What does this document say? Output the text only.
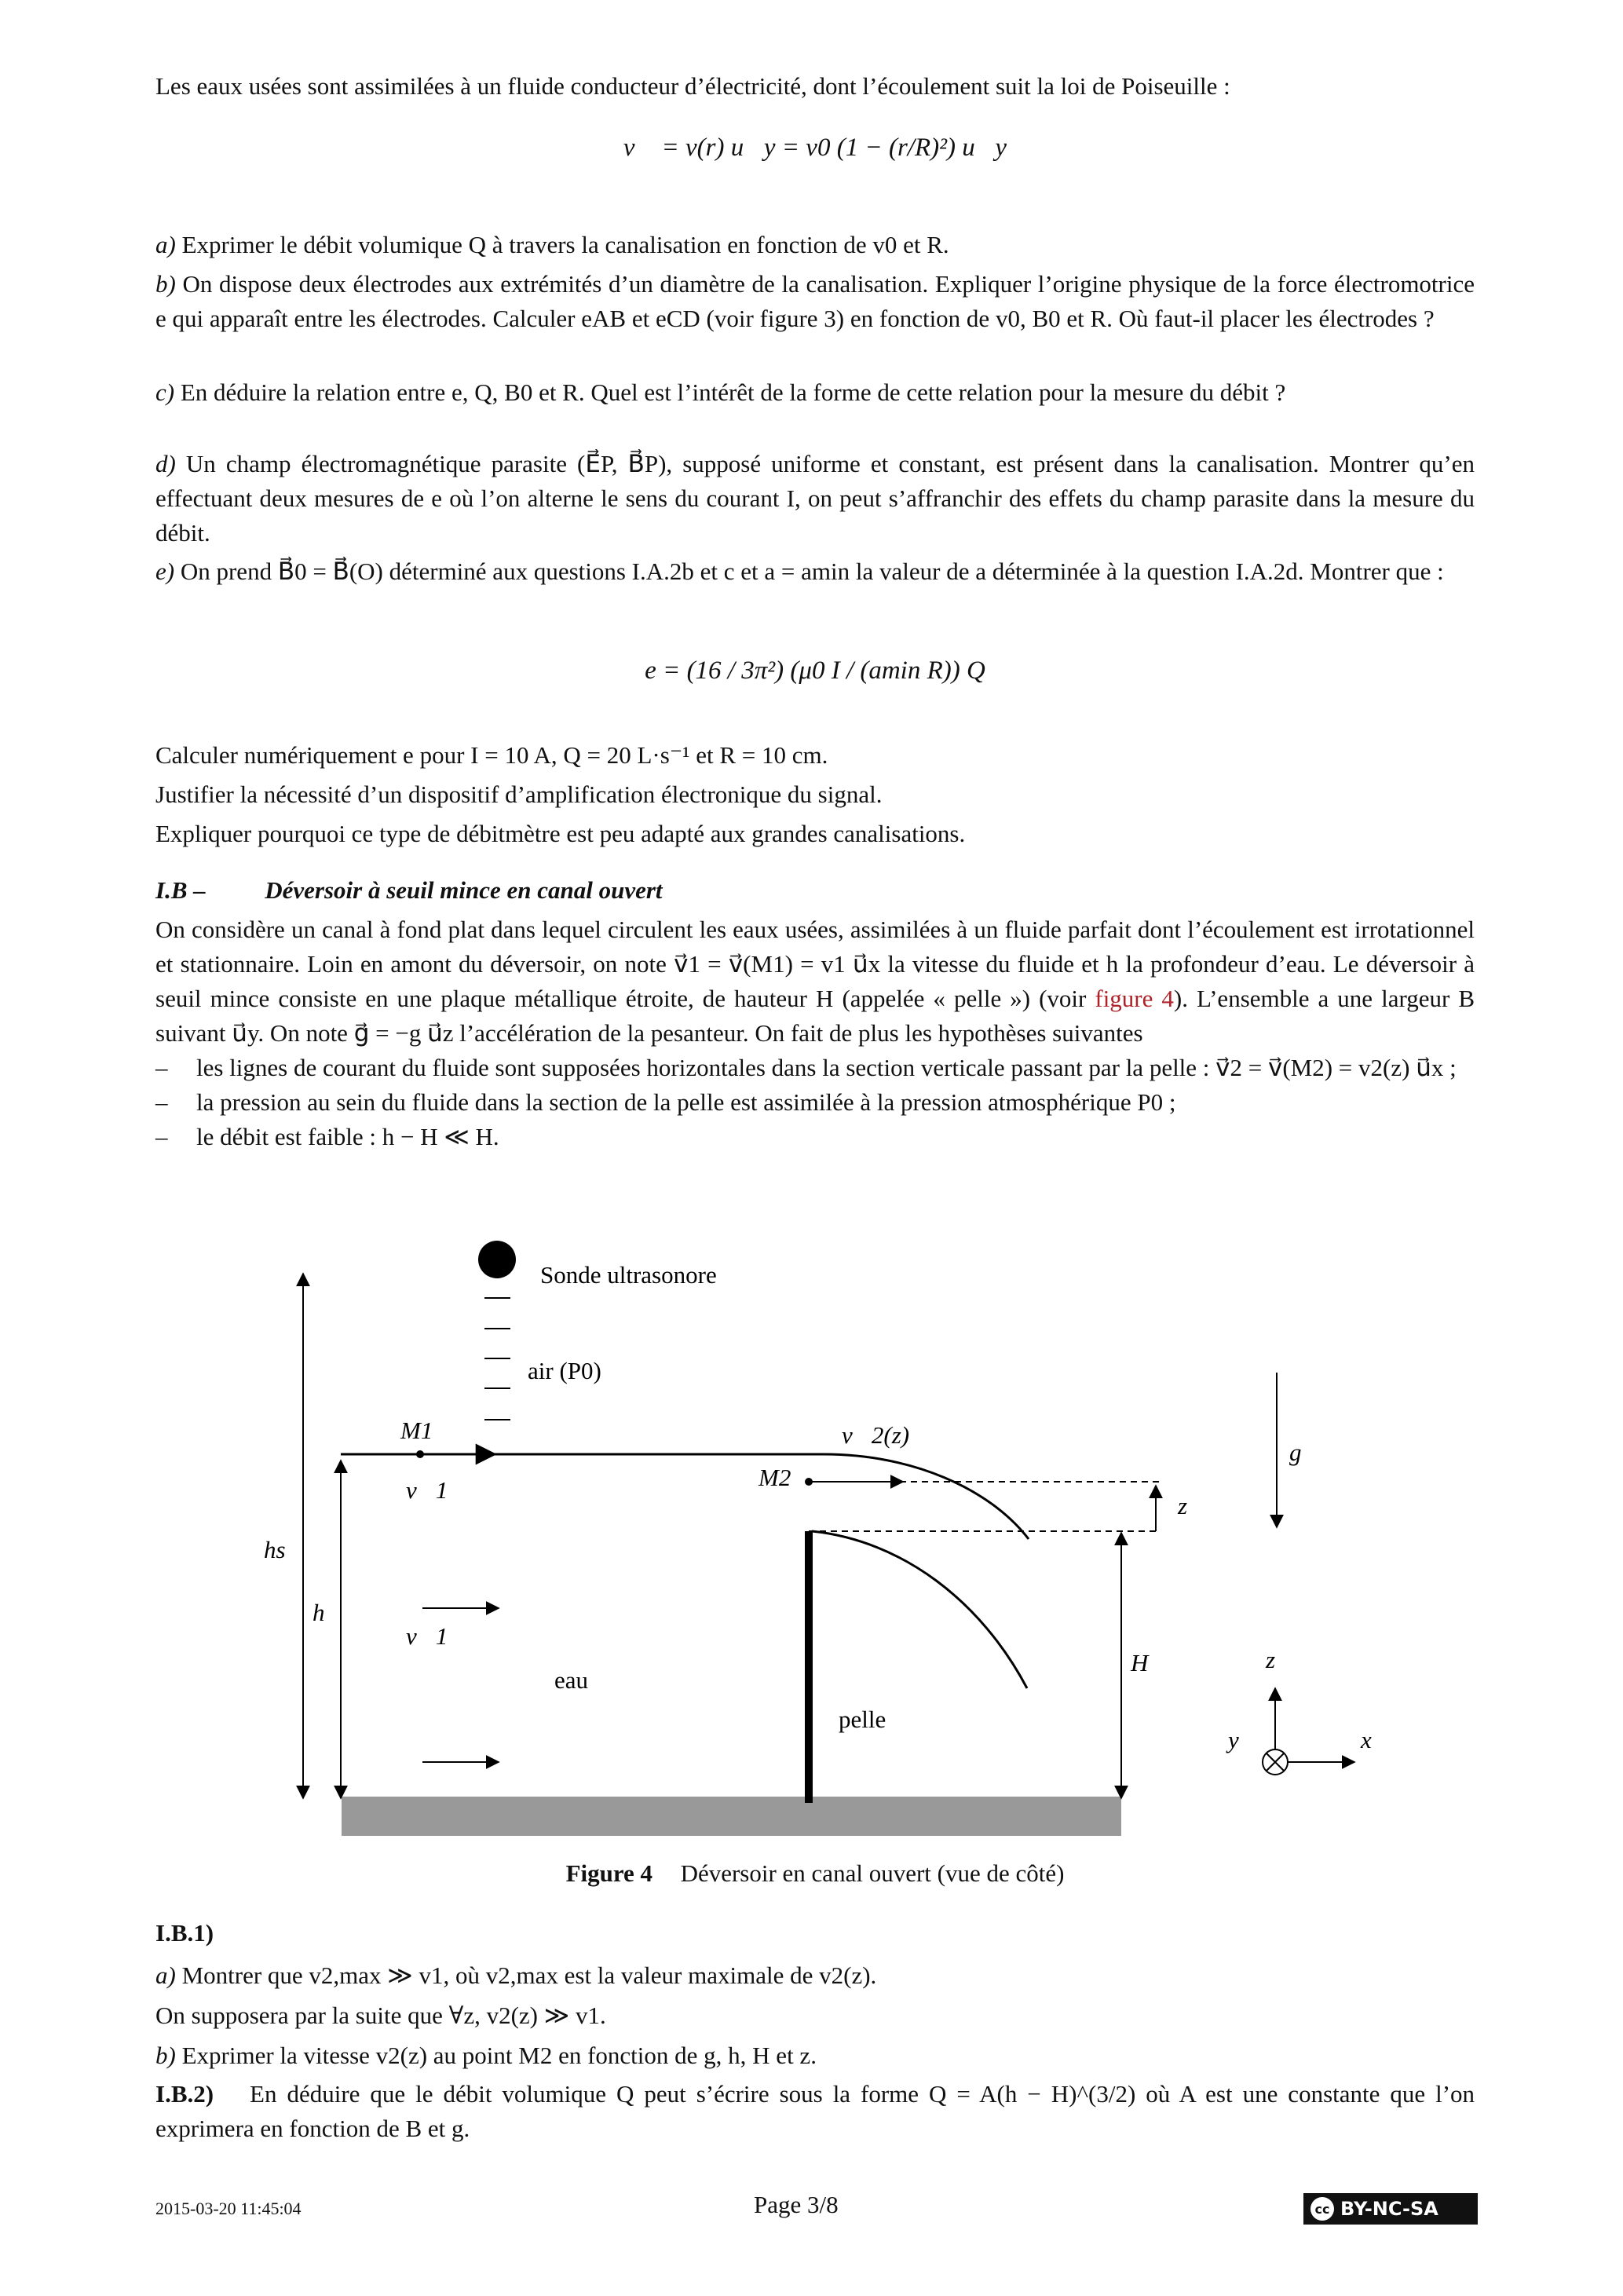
Les eaux usées sont assimilées à un fluide conducteur d’électricité, dont l’écoulement suit la loi de Poiseuille :
v⃗ = v(r) u⃗y = v0 (1 − (r/R)²) u⃗y
a) Exprimer le débit volumique Q à travers la canalisation en fonction de v0 et R.
b) On dispose deux électrodes aux extrémités d’un diamètre de la canalisation. Expliquer l’origine physique de la force électromotrice e qui apparaît entre les électrodes. Calculer eAB et eCD (voir figure 3) en fonction de v0, B0 et R. Où faut-il placer les électrodes ?
c) En déduire la relation entre e, Q, B0 et R. Quel est l’intérêt de la forme de cette relation pour la mesure du débit ?
d) Un champ électromagnétique parasite (E⃗P, B⃗P), supposé uniforme et constant, est présent dans la canalisation. Montrer qu’en effectuant deux mesures de e où l’on alterne le sens du courant I, on peut s’affranchir des effets du champ parasite dans la mesure du débit.
e) On prend B⃗0 = B⃗(O) déterminé aux questions I.A.2b et c et a = amin la valeur de a déterminée à la question I.A.2d. Montrer que :
e = (16 / 3π²) (μ0 I / (amin R)) Q
Calculer numériquement e pour I = 10 A, Q = 20 L·s⁻¹ et R = 10 cm.
Justifier la nécessité d’un dispositif d’amplification électronique du signal.
Expliquer pourquoi ce type de débitmètre est peu adapté aux grandes canalisations.
I.B – Déversoir à seuil mince en canal ouvert
On considère un canal à fond plat dans lequel circulent les eaux usées, assimilées à un fluide parfait dont l’écoulement est irrotationnel et stationnaire. Loin en amont du déversoir, on note v⃗1 = v⃗(M1) = v1 u⃗x la vitesse du fluide et h la profondeur d’eau. Le déversoir à seuil mince consiste en une plaque métallique étroite, de hauteur H (appelée « pelle ») (voir figure 4). L’ensemble a une largeur B suivant u⃗y. On note g⃗ = −g u⃗z l’accélération de la pesanteur. On fait de plus les hypothèses suivantes
– les lignes de courant du fluide sont supposées horizontales dans la section verticale passant par la pelle : v⃗2 = v⃗(M2) = v2(z) u⃗x ;
– la pression au sein du fluide dans la section de la pelle est assimilée à la pression atmosphérique P0 ;
– le débit est faible : h − H ≪ H.
Sonde ultrasonore
air (P0)
hs
h
M1
v⃗1
v⃗2(z)
M2
z
H
v⃗1
eau
pelle
g⃗
z
y	x
Figure 4 Déversoir en canal ouvert (vue de côté)
I.B.1)
a) Montrer que v2,max ≫ v1, où v2,max est la valeur maximale de v2(z).
On supposera par la suite que ∀z, v2(z) ≫ v1.
b) Exprimer la vitesse v2(z) au point M2 en fonction de g, h, H et z.
I.B.2) En déduire que le débit volumique Q peut s’écrire sous la forme Q = A(h − H)^(3/2) où A est une constante que l’on exprimera en fonction de B et g.
2015-03-20 11:45:04	Page 3/8	cc BY-NC-SA
